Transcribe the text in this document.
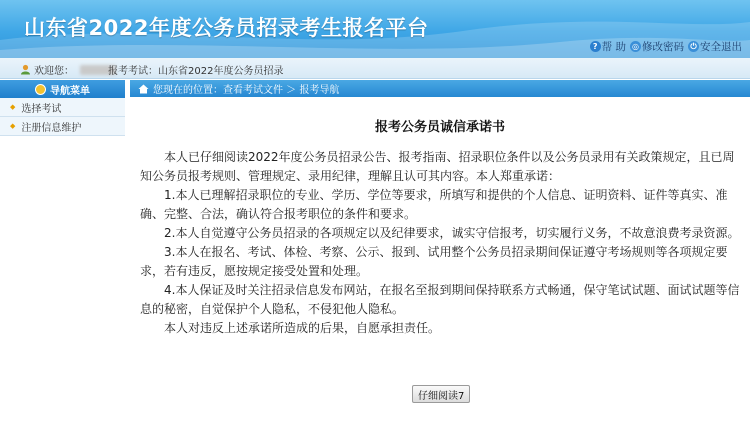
山东省2022年度公务员招录考生报名平台
? 帮 助 ◎ 修改密码 ⏻ 安全退出
欢迎您：	报考考试：山东省2022年度公务员招录
导航菜单
◆ 选择考试
◆ 注册信息维护
您现在的位置：查看考试文件 ＞ 报考导航
报考公务员诚信承诺书

本人已仔细阅读2022年度公务员招录公告、报考指南、招录职位条件以及公务员录用有关政策规定，且已周知公务员报考规则、管理规定、录用纪律，理解且认可其内容。本人郑重承诺：

1.本人已理解招录职位的专业、学历、学位等要求，所填写和提供的个人信息、证明资料、证件等真实、准确、完整、合法，确认符合报考职位的条件和要求。

2.本人自觉遵守公务员招录的各项规定以及纪律要求，诚实守信报考，切实履行义务，不故意浪费考录资源。

3.本人在报名、考试、体检、考察、公示、报到、试用整个公务员招录期间保证遵守考场规则等各项规定要求，若有违反，愿按规定接受处置和处理。

4.本人保证及时关注招录信息发布网站，在报名至报到期间保持联系方式畅通，保守笔试试题、面试试题等信息的秘密，自觉保护个人隐私，不侵犯他人隐私。

本人对违反上述承诺所造成的后果，自愿承担责任。

仔细阅读7
